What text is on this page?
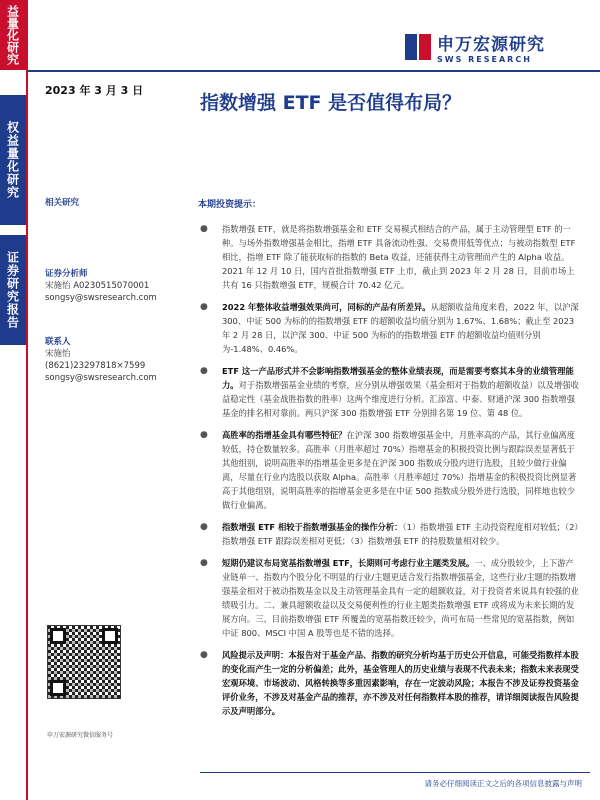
益量化研究
权益量化研究
证券研究报告
申万宏源研究
SWS RESEARCH
2023 年 3 月 3 日
指数增强 ETF 是否值得布局？
相关研究
证券分析师
宋施怡 A0230515070001
songsy@swsresearch.com
联系人
宋施怡
(8621)23297818×7599
songsy@swsresearch.com
本期投资提示：
● 指数增强 ETF，就是将指数增强基金和 ETF 交易模式相结合的产品，属于主动管理型 ETF 的一种。与场外指数增强基金相比，指增 ETF 具备流动性强、交易费用低等优点；与被动指数型 ETF 相比，指增 ETF 除了能获取标的指数的 Beta 收益，还能获得主动管理而产生的 Alpha 收益。2021 年 12 月 10 日，国内首批指数增强 ETF 上市，截止到 2023 年 2 月 28 日，目前市场上共有 16 只指数增强 ETF，规模合计 70.42 亿元。
● 2022 年整体收益增强效果尚可，同标的产品有所差异。从超额收益角度来看，2022 年，以沪深 300、中证 500 为标的的指数增强 ETF 的超额收益均值分别为 1.67%、1.68%；截止至 2023 年 2 月 28 日，以沪深 300、中证 500 为标的的指数增强 ETF 的超额收益均值则分别为-1.48%、0.46%。
● ETF 这一产品形式并不会影响指数增强基金的整体业绩表现，而是需要考察其本身的业绩管理能力。对于指数增强基金业绩的考察，应分别从增强效果（基金相对于指数的超额收益）以及增强收益稳定性（基金战胜指数的胜率）这两个维度进行分析。汇添富、中泰、财通沪深 300 指数增强基金的排名相对靠前。两只沪深 300 指数增强 ETF 分别排名第 19 位、第 48 位。
● 高胜率的指增基金具有哪些特征？在沪深 300 指数增强基金中，月胜率高的产品，其行业偏离度较低，持仓数量较多。高胜率（月胜率超过 70%）指增基金的积极投资比例与跟踪误差显著低于其他组别，说明高胜率的指增基金更多是在沪深 300 指数成分股内进行选股，且较少做行业偏离，尽量在行业内选股以获取 Alpha。高胜率（月胜率超过 70%）指增基金的积极投资比例显著高于其他组别，说明高胜率的指增基金更多是在中证 500 指数成分股外进行选股，同样地也较少做行业偏离。
● 指数增强 ETF 相较于指数增强基金的操作分析：（1）指数增强 ETF 主动投资程度相对较低；（2）指数增强 ETF 跟踪误差相对更低；（3）指数增强 ETF 的持股数量相对较少。
● 短期仍建议布局宽基指数增强 ETF，长期则可考虑行业主题类发展。一、成分股较少，上下游产业链单一、指数内个股分化不明显的行业/主题更适合发行指数增强基金，这些行业/主题的指数增强基金相对于被动指数基金以及主动管理基金具有一定的超额收益，对于投资者来说具有较强的业绩吸引力。二、兼具超额收益以及交易便利性的行业主题类指数增强 ETF 或将成为未来长期的发展方向。三、目前指数增强 ETF 所覆盖的宽基指数还较少，尚可布局一些常见的宽基指数，例如中证 800、MSCI 中国 A 股等也是不错的选择。
● 风险提示及声明：本报告对于基金产品、指数的研究分析均基于历史公开信息，可能受指数样本股的变化而产生一定的分析偏差；此外，基金管理人的历史业绩与表现不代表未来；指数未来表现受宏观环境、市场波动、风格转换等多重因素影响，存在一定波动风险；本报告不涉及证券投资基金评价业务，不涉及对基金产品的推荐，亦不涉及对任何指数样本股的推荐，请详细阅读报告风险提示及声明部分。
申万宏源研究微信服务号
请务必仔细阅读正文之后的各项信息披露与声明
